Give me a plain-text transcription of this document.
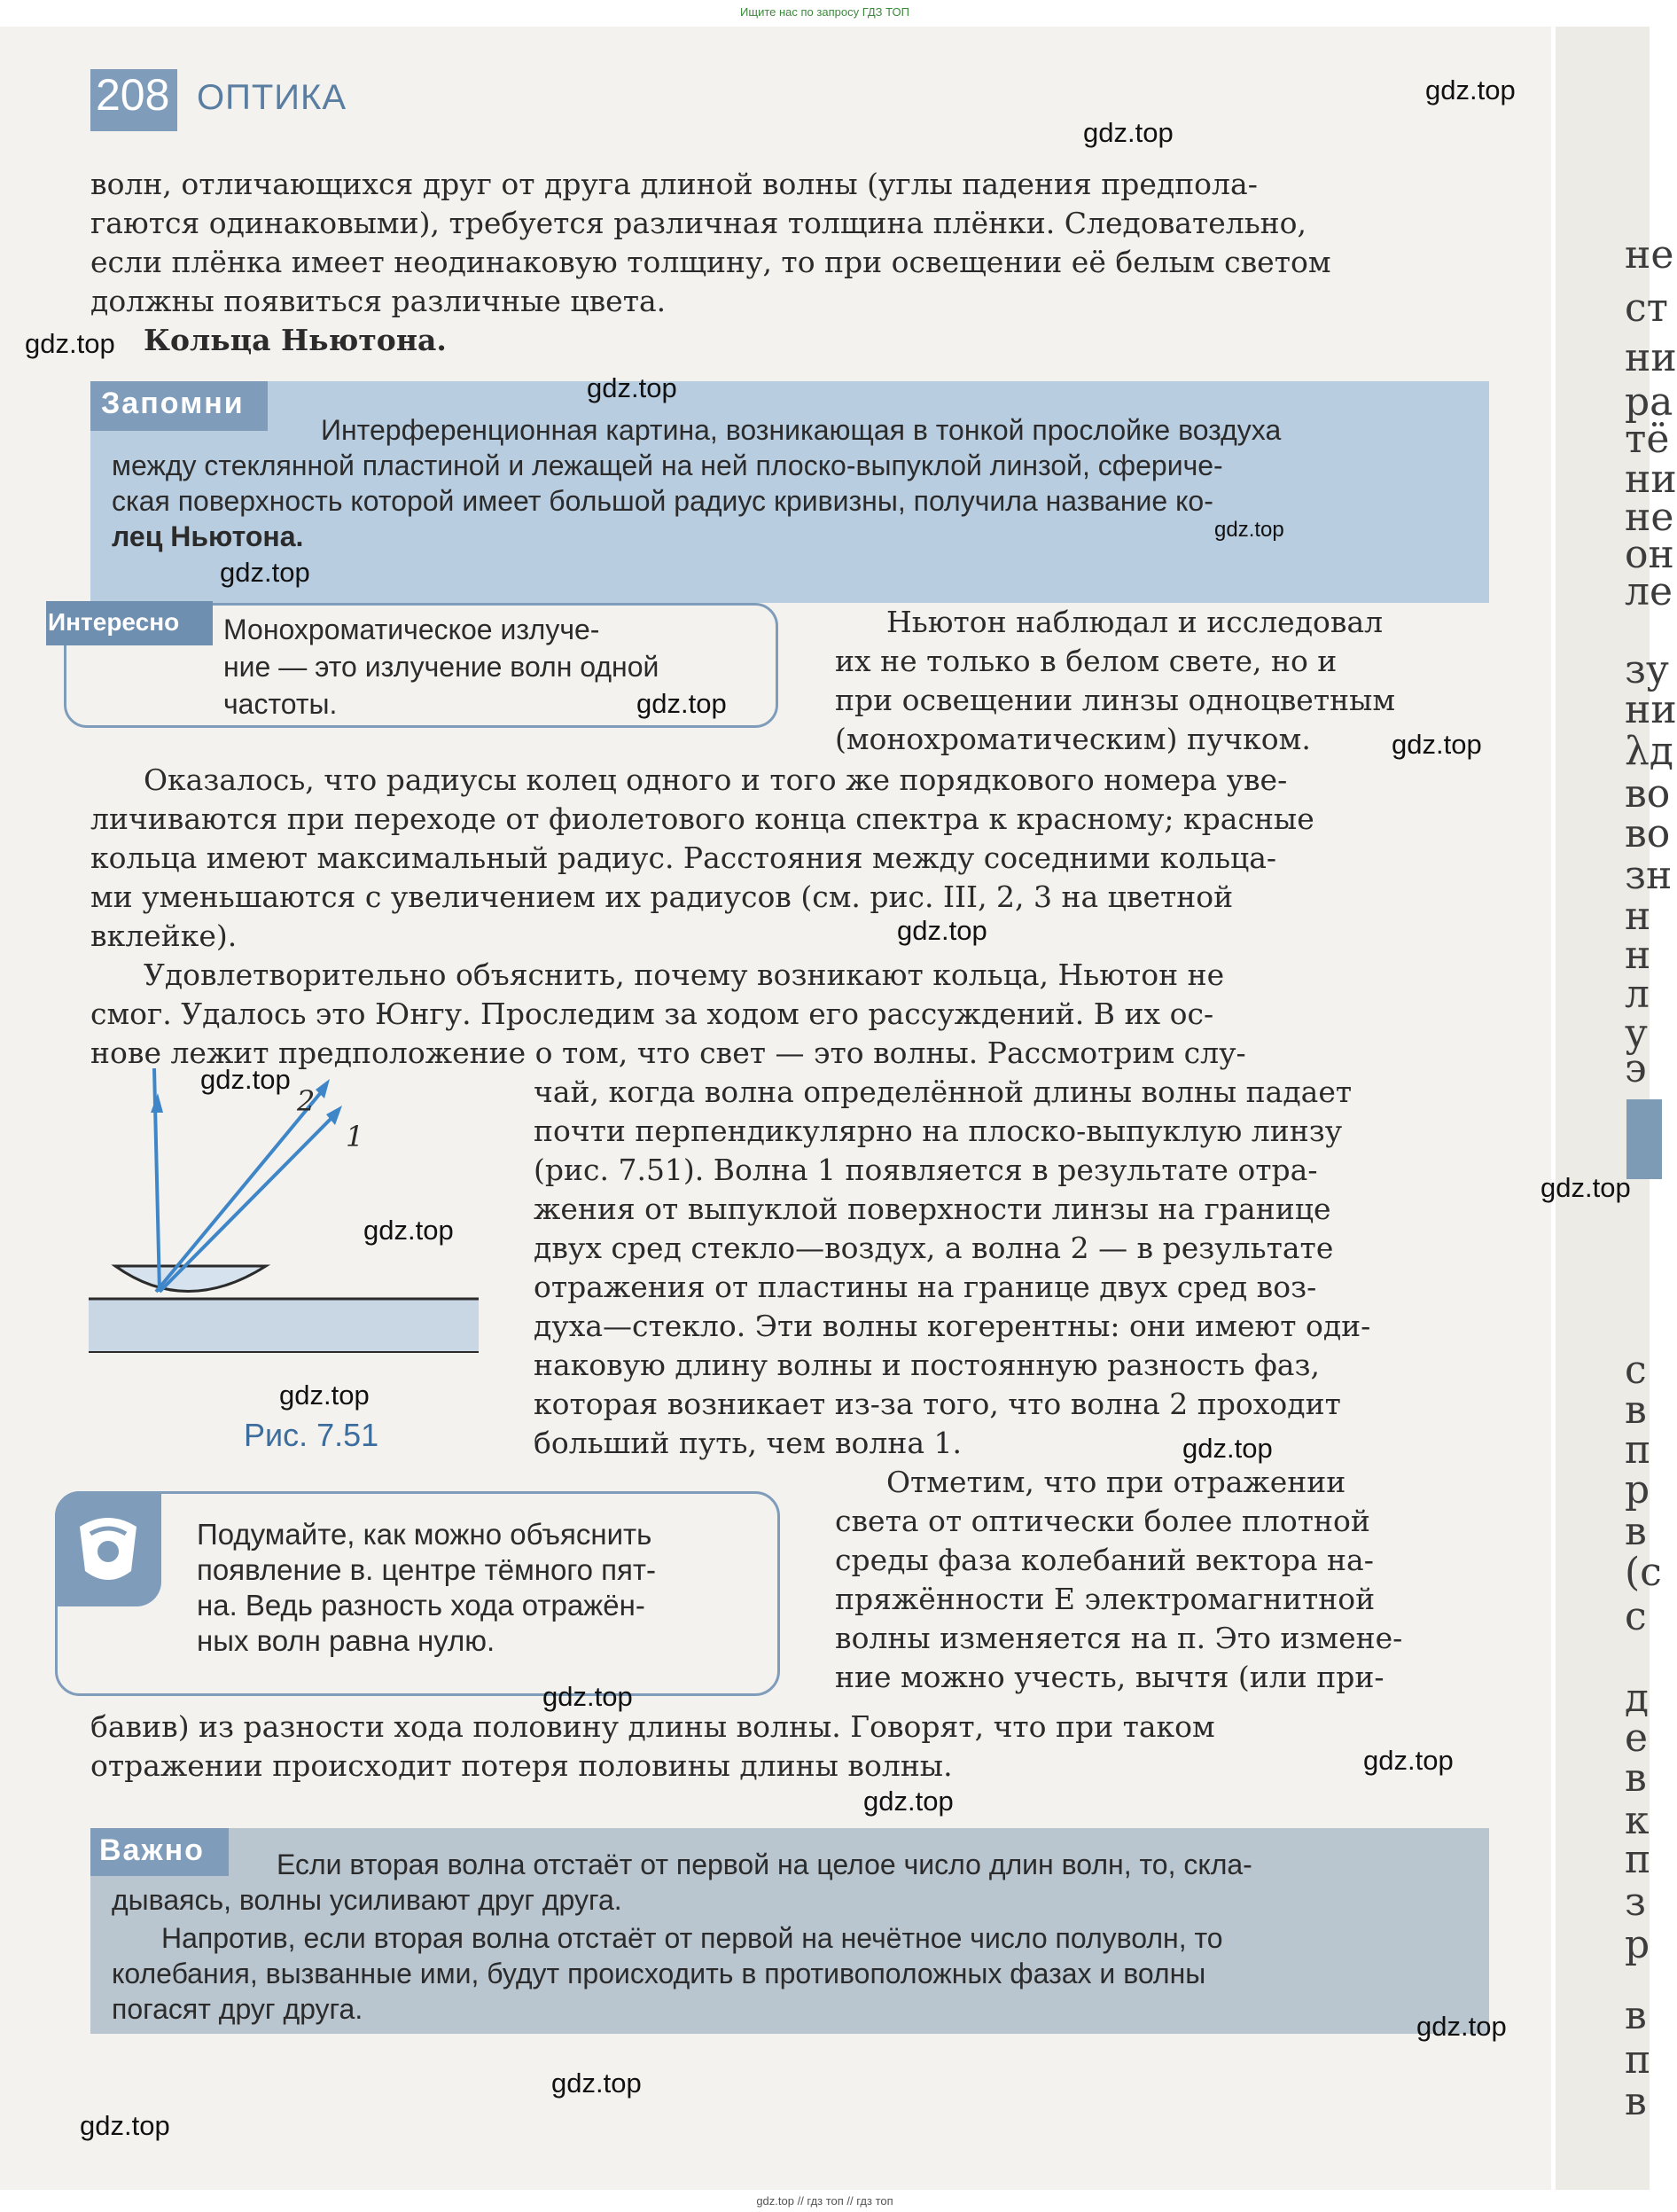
Ищите нас по запросу ГДЗ ТОП
не
ст
ни
ра
тё
ни
не
он
ле
зу
ни
λд
во
во
зн
н
н
л
у
э
с
в
п
р
в
(с
с
д
е
в
к
п
з
р
в
п
в
208 ОПТИКА
волн, отличающихся друг от друга длиной волны (углы падения предпола-
гаются одинаковыми), требуется различная толщина плёнки. Следовательно,
если плёнка имеет неодинаковую толщину, то при освещении её белым светом
должны появиться различные цвета.
Кольца Ньютона.
Запомни
Интерференционная картина, возникающая в тонкой прослойке воздуха
между стеклянной пластиной и лежащей на ней плоско-выпуклой линзой, сфериче-
ская поверхность которой имеет большой радиус кривизны, получила название ко-
лец Ньютона.
Интересно Монохроматическое излуче-
ние — это излучение волн одной
частоты.
Ньютон наблюдал и исследовал
их не только в белом свете, но и
при освещении линзы одноцветным
(монохроматическим) пучком.
Оказалось, что радиусы колец одного и того же порядкового номера уве-
личиваются при переходе от фиолетового конца спектра к красному; красные
кольца имеют максимальный радиус. Расстояния между соседними кольца-
ми уменьшаются с увеличением их радиусов (см. рис. III, 2, 3 на цветной
вклейке).
Удовлетворительно объяснить, почему возникают кольца, Ньютон не
смог. Удалось это Юнгу. Проследим за ходом его рассуждений. В их ос-
нове лежит предположение о том, что свет — это волны. Рассмотрим слу-
чай, когда волна определённой длины волны падает
почти перпендикулярно на плоско-выпуклую линзу
(рис. 7.51). Волна 1 появляется в результате отра-
жения от выпуклой поверхности линзы на границе
двух сред стекло—воздух, а волна 2 — в результате
отражения от пластины на границе двух сред воз-
духа—стекло. Эти волны когерентны: они имеют оди-
наковую длину волны и постоянную разность фаз,
которая возникает из-за того, что волна 2 проходит
больший путь, чем волна 1.
2
1
Рис. 7.51
Отметим, что при отражении
света от оптически более плотной
среды фаза колебаний вектора на-
пряжённости E электромагнитной
волны изменяется на π. Это измене-
ние можно учесть, вычтя (или при-
Подумайте, как можно объяснить
появление в. центре тёмного пят-
на. Ведь разность хода отражён-
ных волн равна нулю.
бавив) из разности хода половину длины волны. Говорят, что при таком
отражении происходит потеря половины длины волны.
Важно	Если вторая волна отстаёт от первой на целое число длин волн, то, скла-
дываясь, волны усиливают друг друга.
Напротив, если вторая волна отстаёт от первой на нечётное число полуволн, то
колебания, вызванные ими, будут происходить в противоположных фазах и волны
погасят друг друга.
gdz.top
gdz.top
gdz.top
gdz.top
gdz.top
gdz.top
gdz.top
gdz.top
gdz.top
gdz.top
gdz.top
gdz.top
gdz.top
gdz.top
gdz.top
gdz.top
gdz.top
gdz.top
gdz.top
gdz.top
gdz.top // гдз топ // гдз топ
